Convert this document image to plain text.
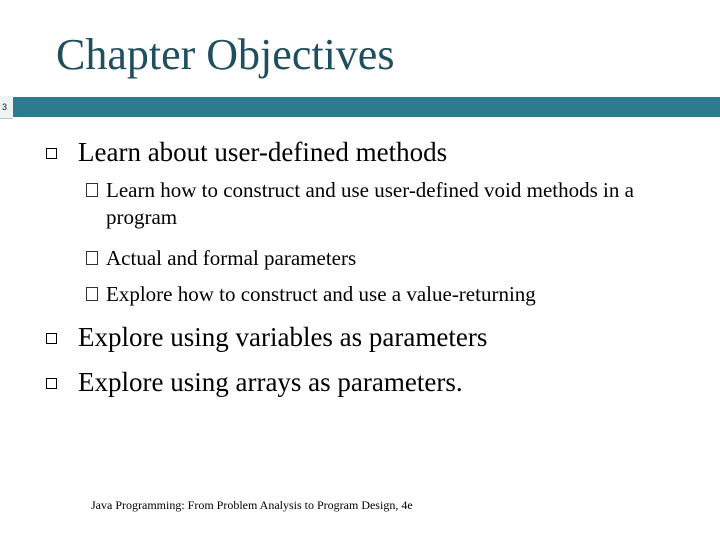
Chapter Objectives
3
Learn about user-defined methods
Learn how to construct and use user-defined void methods in a program
Actual and formal parameters
Explore how to construct and use a value-returning
Explore using variables as parameters
Explore using arrays as parameters.
Java Programming: From Problem Analysis to Program Design, 4e
